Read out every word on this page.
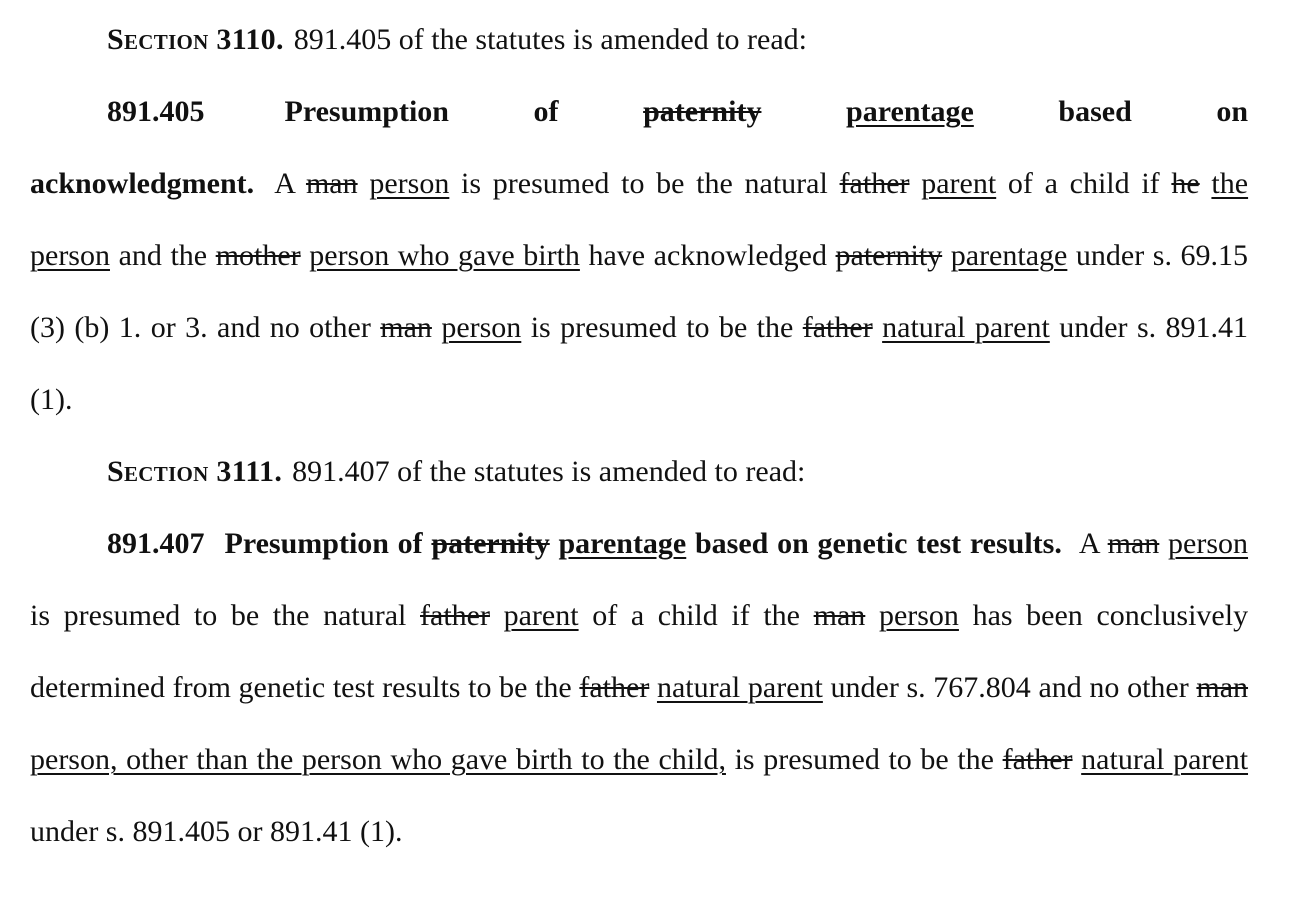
Section 3110. 891.405 of the statutes is amended to read:

891.405	Presumption of	paternity	parentage	based on acknowledgment. A man person is presumed to be the natural father parent of a child if he the person and the mother person who gave birth have acknowledged paternity parentage under s. 69.15 (3) (b) 1. or 3. and no other man person is presumed to be the father natural parent under s. 891.41 (1).

Section 3111. 891.407 of the statutes is amended to read:

891.407 Presumption of paternity parentage based on genetic test results. A man person is presumed to be the natural father parent of a child if the man person has been conclusively determined from genetic test results to be the father natural parent under s. 767.804 and no other man person, other than the person who gave birth to the child, is presumed to be the father natural parent under s. 891.405 or 891.41 (1).
